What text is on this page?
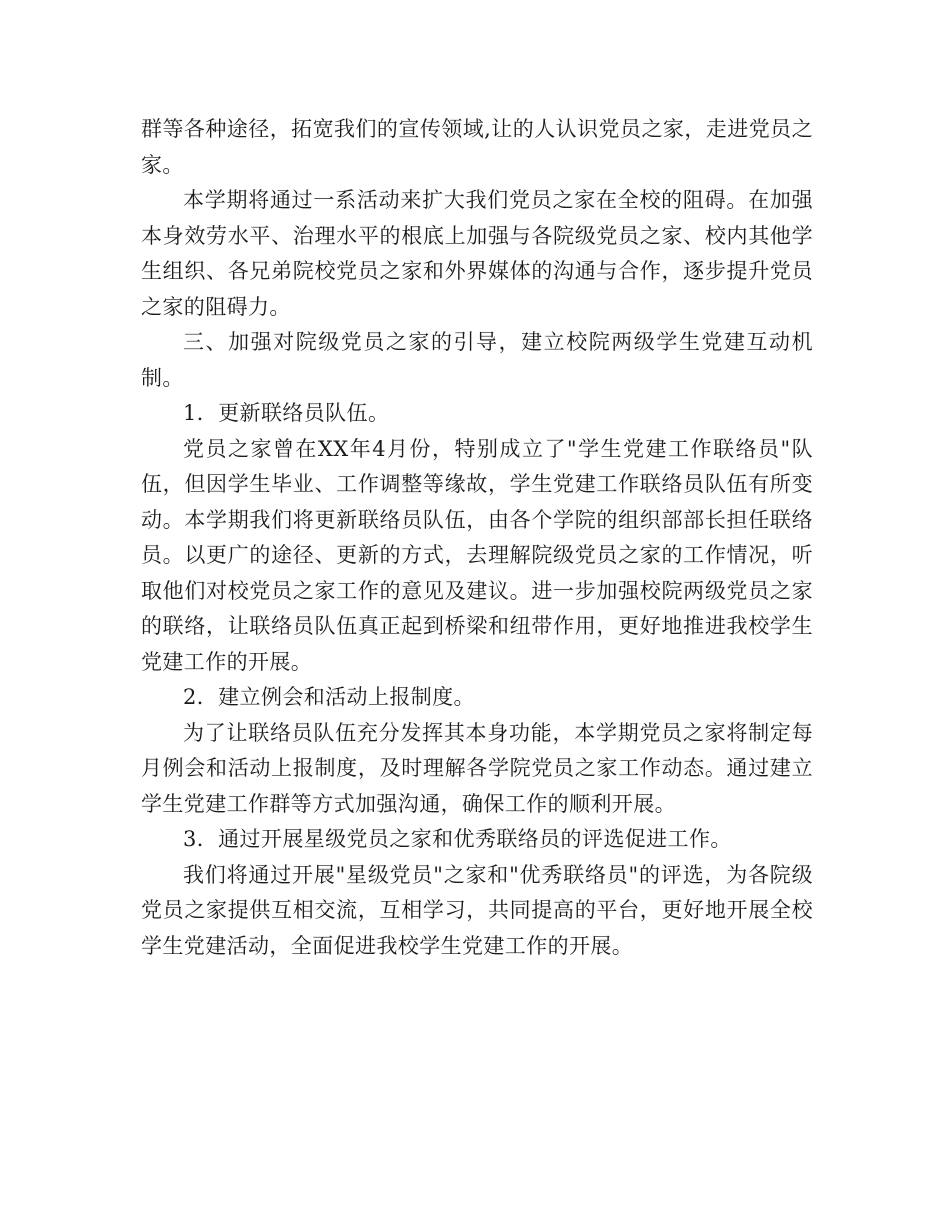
群等各种途径，拓宽我们的宣传领域,让的人认识党员之家，走进党员之家。

本学期将通过一系活动来扩大我们党员之家在全校的阻碍。在加强本身效劳水平、治理水平的根底上加强与各院级党员之家、校内其他学生组织、各兄弟院校党员之家和外界媒体的沟通与合作，逐步提升党员之家的阻碍力。

三、加强对院级党员之家的引导，建立校院两级学生党建互动机制。

1．更新联络员队伍。

党员之家曾在XX年4月份，特别成立了"学生党建工作联络员"队伍，但因学生毕业、工作调整等缘故，学生党建工作联络员队伍有所变动。本学期我们将更新联络员队伍，由各个学院的组织部部长担任联络员。以更广的途径、更新的方式，去理解院级党员之家的工作情况，听取他们对校党员之家工作的意见及建议。进一步加强校院两级党员之家的联络，让联络员队伍真正起到桥梁和纽带作用，更好地推进我校学生党建工作的开展。

2．建立例会和活动上报制度。

为了让联络员队伍充分发挥其本身功能，本学期党员之家将制定每月例会和活动上报制度，及时理解各学院党员之家工作动态。通过建立学生党建工作群等方式加强沟通，确保工作的顺利开展。

3．通过开展星级党员之家和优秀联络员的评选促进工作。

我们将通过开展"星级党员"之家和"优秀联络员"的评选，为各院级党员之家提供互相交流，互相学习，共同提高的平台，更好地开展全校学生党建活动，全面促进我校学生党建工作的开展。
